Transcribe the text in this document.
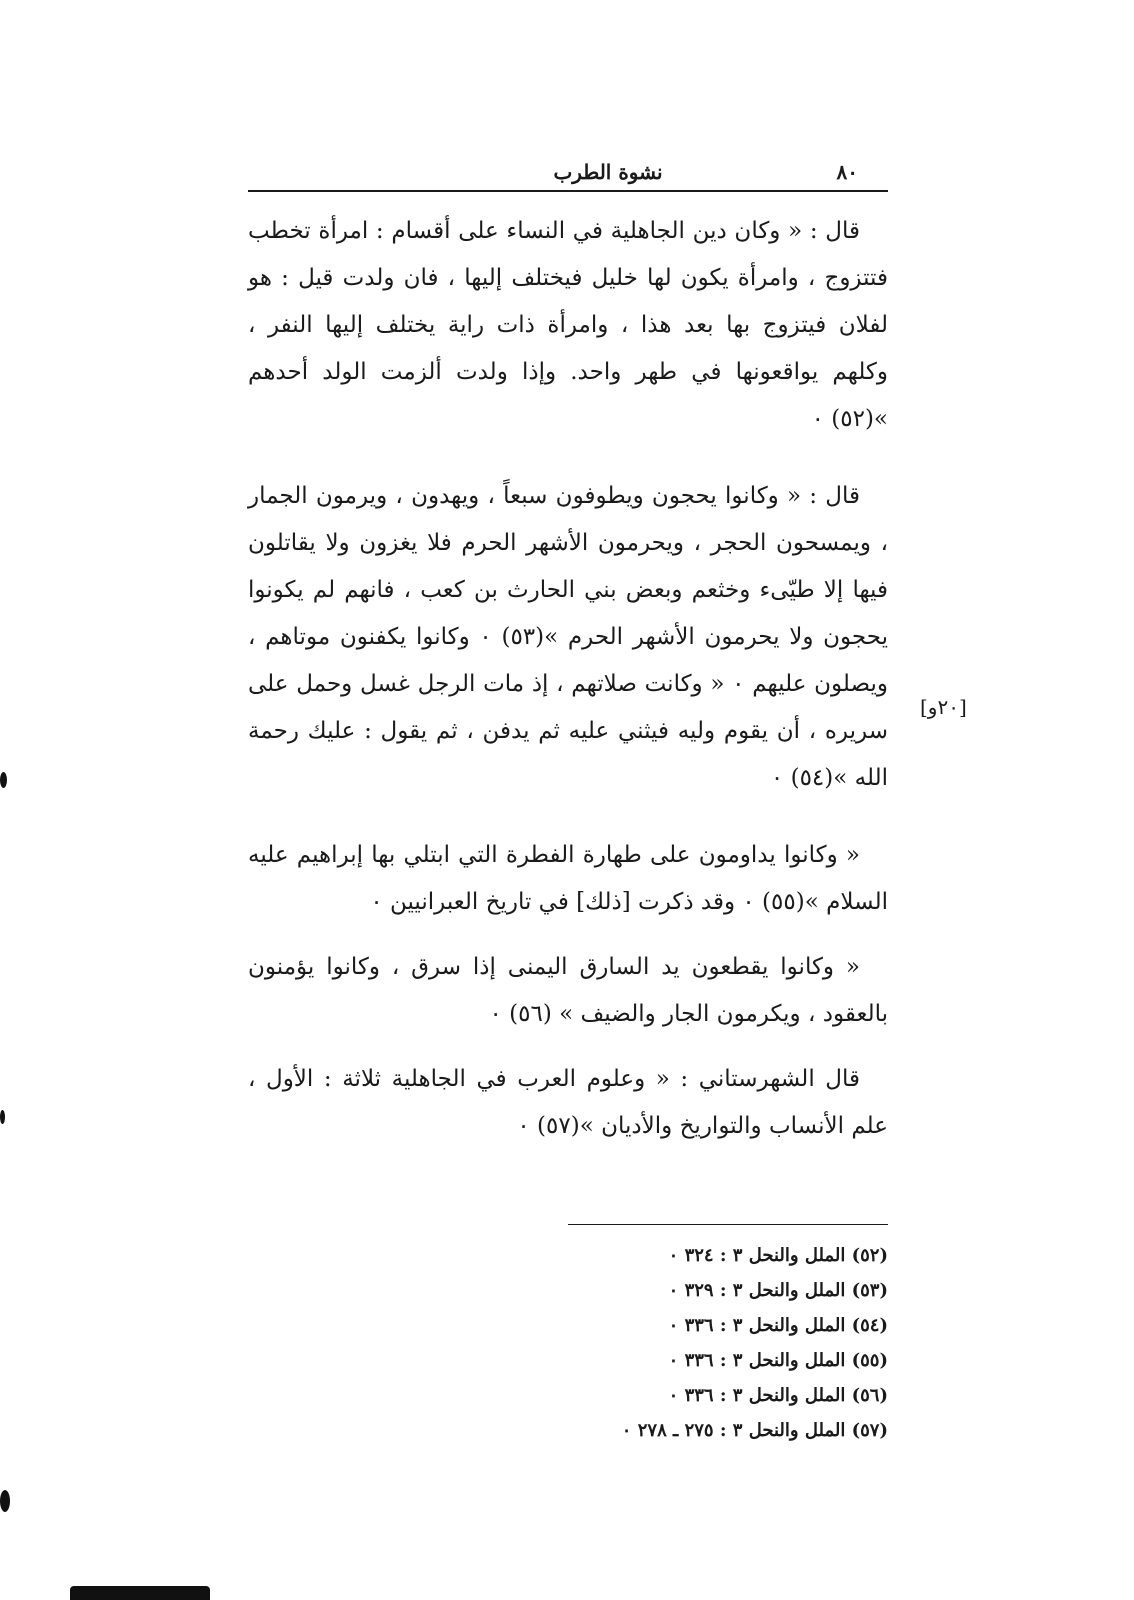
٨٠
نشوة الطرب

قال : « وكان دين الجاهلية في النساء على أقسام : امرأة تخطب فتتزوج ، وامرأة يكون لها خليل فيختلف إليها ، فان ولدت قيل : هو لفلان فيتزوج بها بعد هذا ، وامرأة ذات راية يختلف إليها النفر ، وكلهم يواقعونها في طهر واحد. وإذا ولدت ألزمت الولد أحدهم »(٥٢) ٠

قال : « وكانوا يحجون ويطوفون سبعاً ، ويهدون ، ويرمون الجمار ، ويمسحون الحجر ، ويحرمون الأشهر الحرم فلا يغزون ولا يقاتلون فيها إلا طيّىء وخثعم وبعض بني الحارث بن كعب ، فانهم لم يكونوا يحجون ولا يحرمون الأشهر الحرم »(٥٣) ٠ وكانوا يكفنون موتاهم ، ويصلون عليهم ٠ « وكانت صلاتهم ، إذ مات الرجل غسل وحمل على سريره ، أن يقوم وليه فيثني عليه ثم يدفن ، ثم يقول : عليك رحمة الله »(٥٤) ٠

« وكانوا يداومون على طهارة الفطرة التي ابتلي بها إبراهيم عليه السلام »(٥٥) ٠ وقد ذكرت [ذلك] في تاريخ العبرانيين ٠

« وكانوا يقطعون يد السارق اليمنى إذا سرق ، وكانوا يؤمنون بالعقود ، ويكرمون الجار والضيف » (٥٦) ٠

قال الشهرستاني : « وعلوم العرب في الجاهلية ثلاثة : الأول ، علم الأنساب والتواريخ والأديان »(٥٧) ٠

[٢٠و]

(٥٢) الملل والنحل ٣ : ٣٢٤ ٠

(٥٣) الملل والنحل ٣ : ٣٢٩ ٠

(٥٤) الملل والنحل ٣ : ٣٣٦ ٠

(٥٥) الملل والنحل ٣ : ٣٣٦ ٠

(٥٦) الملل والنحل ٣ : ٣٣٦ ٠

(٥٧) الملل والنحل ٣ : ٢٧٥ ـ ٢٧٨ ٠
